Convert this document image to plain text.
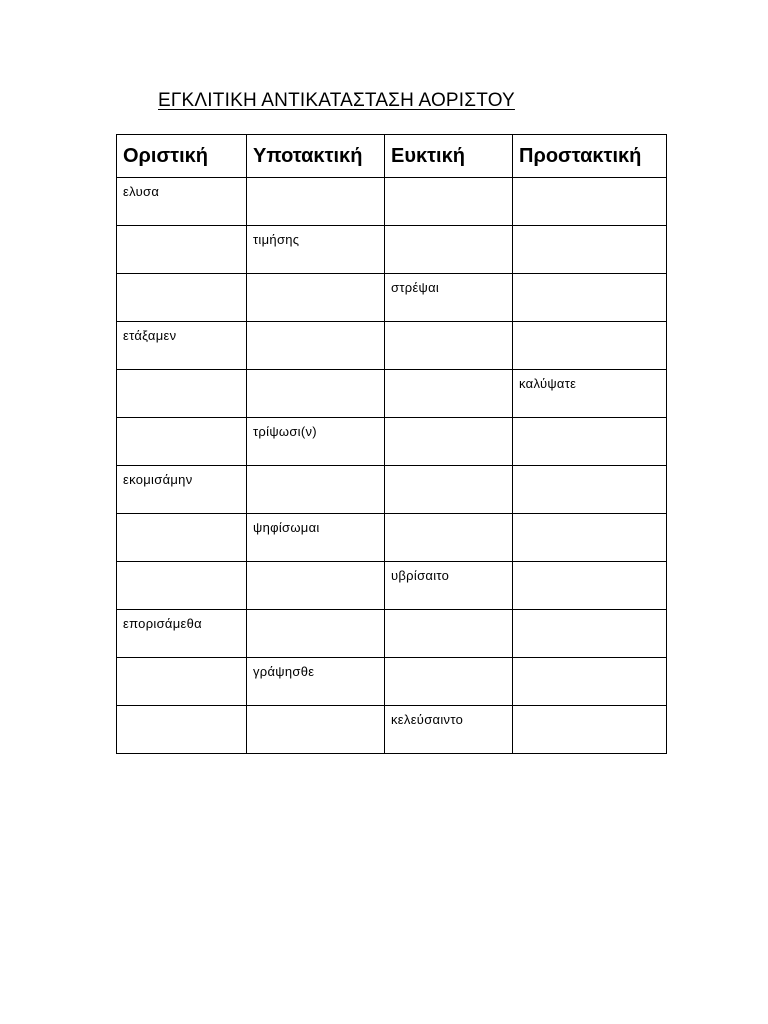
ΕΓΚΛΙΤΙΚΗ ΑΝΤΙΚΑΤΑΣΤΑΣΗ ΑΟΡΙΣΤΟΥ
Οριστική	Υποτακτική	Ευκτική	Προστακτική
ελυσα			
	τιμήσης		
		στρέψαι	
ετάξαμεν			
			καλύψατε
	τρίψωσι(ν)		
εκομισάμην			
	ψηφίσωμαι		
		υβρίσαιτο	
επορισάμεθα			
	γράψησθε		
		κελεύσαιντο	
